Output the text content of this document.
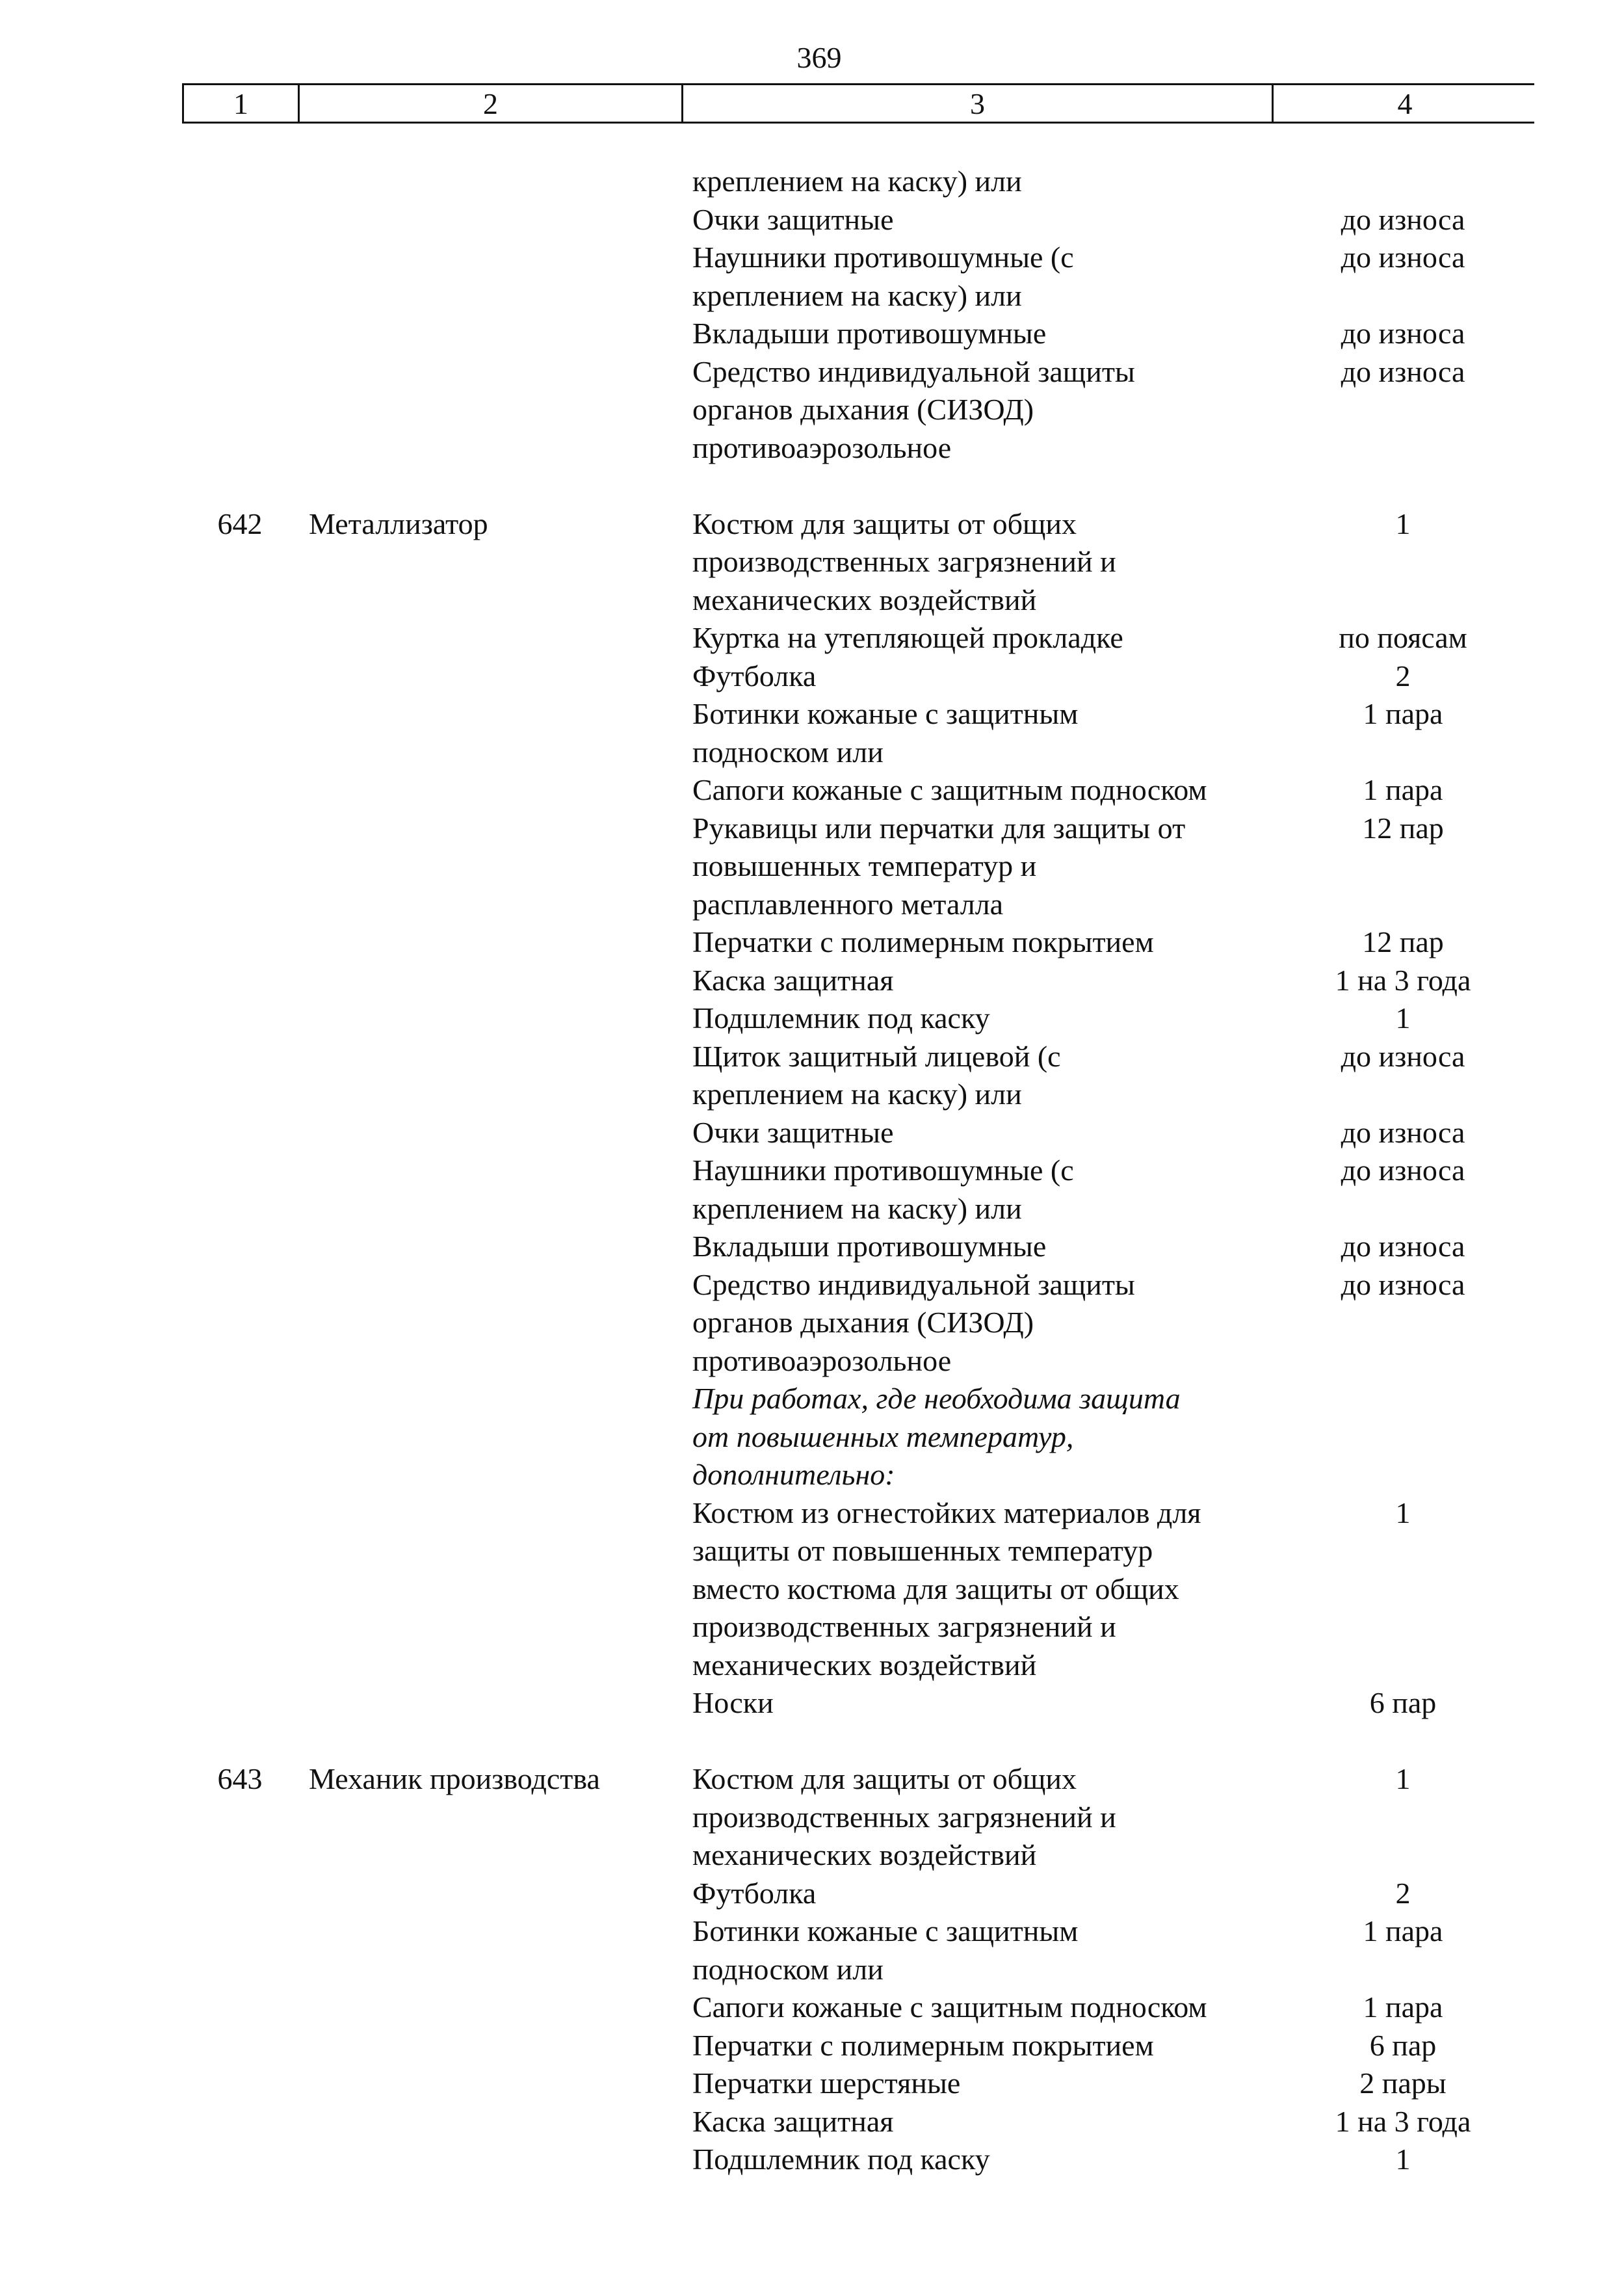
369
1	2	3	4
креплением на каску) или
Очки защитные	до износа
Наушники противошумные (с	до износа
креплением на каску) или
Вкладыши противошумные	до износа
Средство индивидуальной защиты	до износа
органов дыхания (СИЗОД)
противоаэрозольное
642	Металлизатор	Костюм для защиты от общих	1
производственных загрязнений и
механических воздействий
Куртка на утепляющей прокладке	по поясам
Футболка	2
Ботинки кожаные с защитным	1 пара
подноском или
Сапоги кожаные с защитным подноском	1 пара
Рукавицы или перчатки для защиты от	12 пар
повышенных температур и
расплавленного металла
Перчатки с полимерным покрытием	12 пар
Каска защитная	1 на 3 года
Подшлемник под каску	1
Щиток защитный лицевой (с	до износа
креплением на каску) или
Очки защитные	до износа
Наушники противошумные (с	до износа
креплением на каску) или
Вкладыши противошумные	до износа
Средство индивидуальной защиты	до износа
органов дыхания (СИЗОД)
противоаэрозольное
При работах, где необходима защита
от повышенных температур,
дополнительно:
Костюм из огнестойких материалов для	1
защиты от повышенных температур
вместо костюма для защиты от общих
производственных загрязнений и
механических воздействий
Носки	6 пар
643	Механик производства	Костюм для защиты от общих	1
производственных загрязнений и
механических воздействий
Футболка	2
Ботинки кожаные с защитным	1 пара
подноском или
Сапоги кожаные с защитным подноском	1 пара
Перчатки с полимерным покрытием	6 пар
Перчатки шерстяные	2 пары
Каска защитная	1 на 3 года
Подшлемник под каску	1
